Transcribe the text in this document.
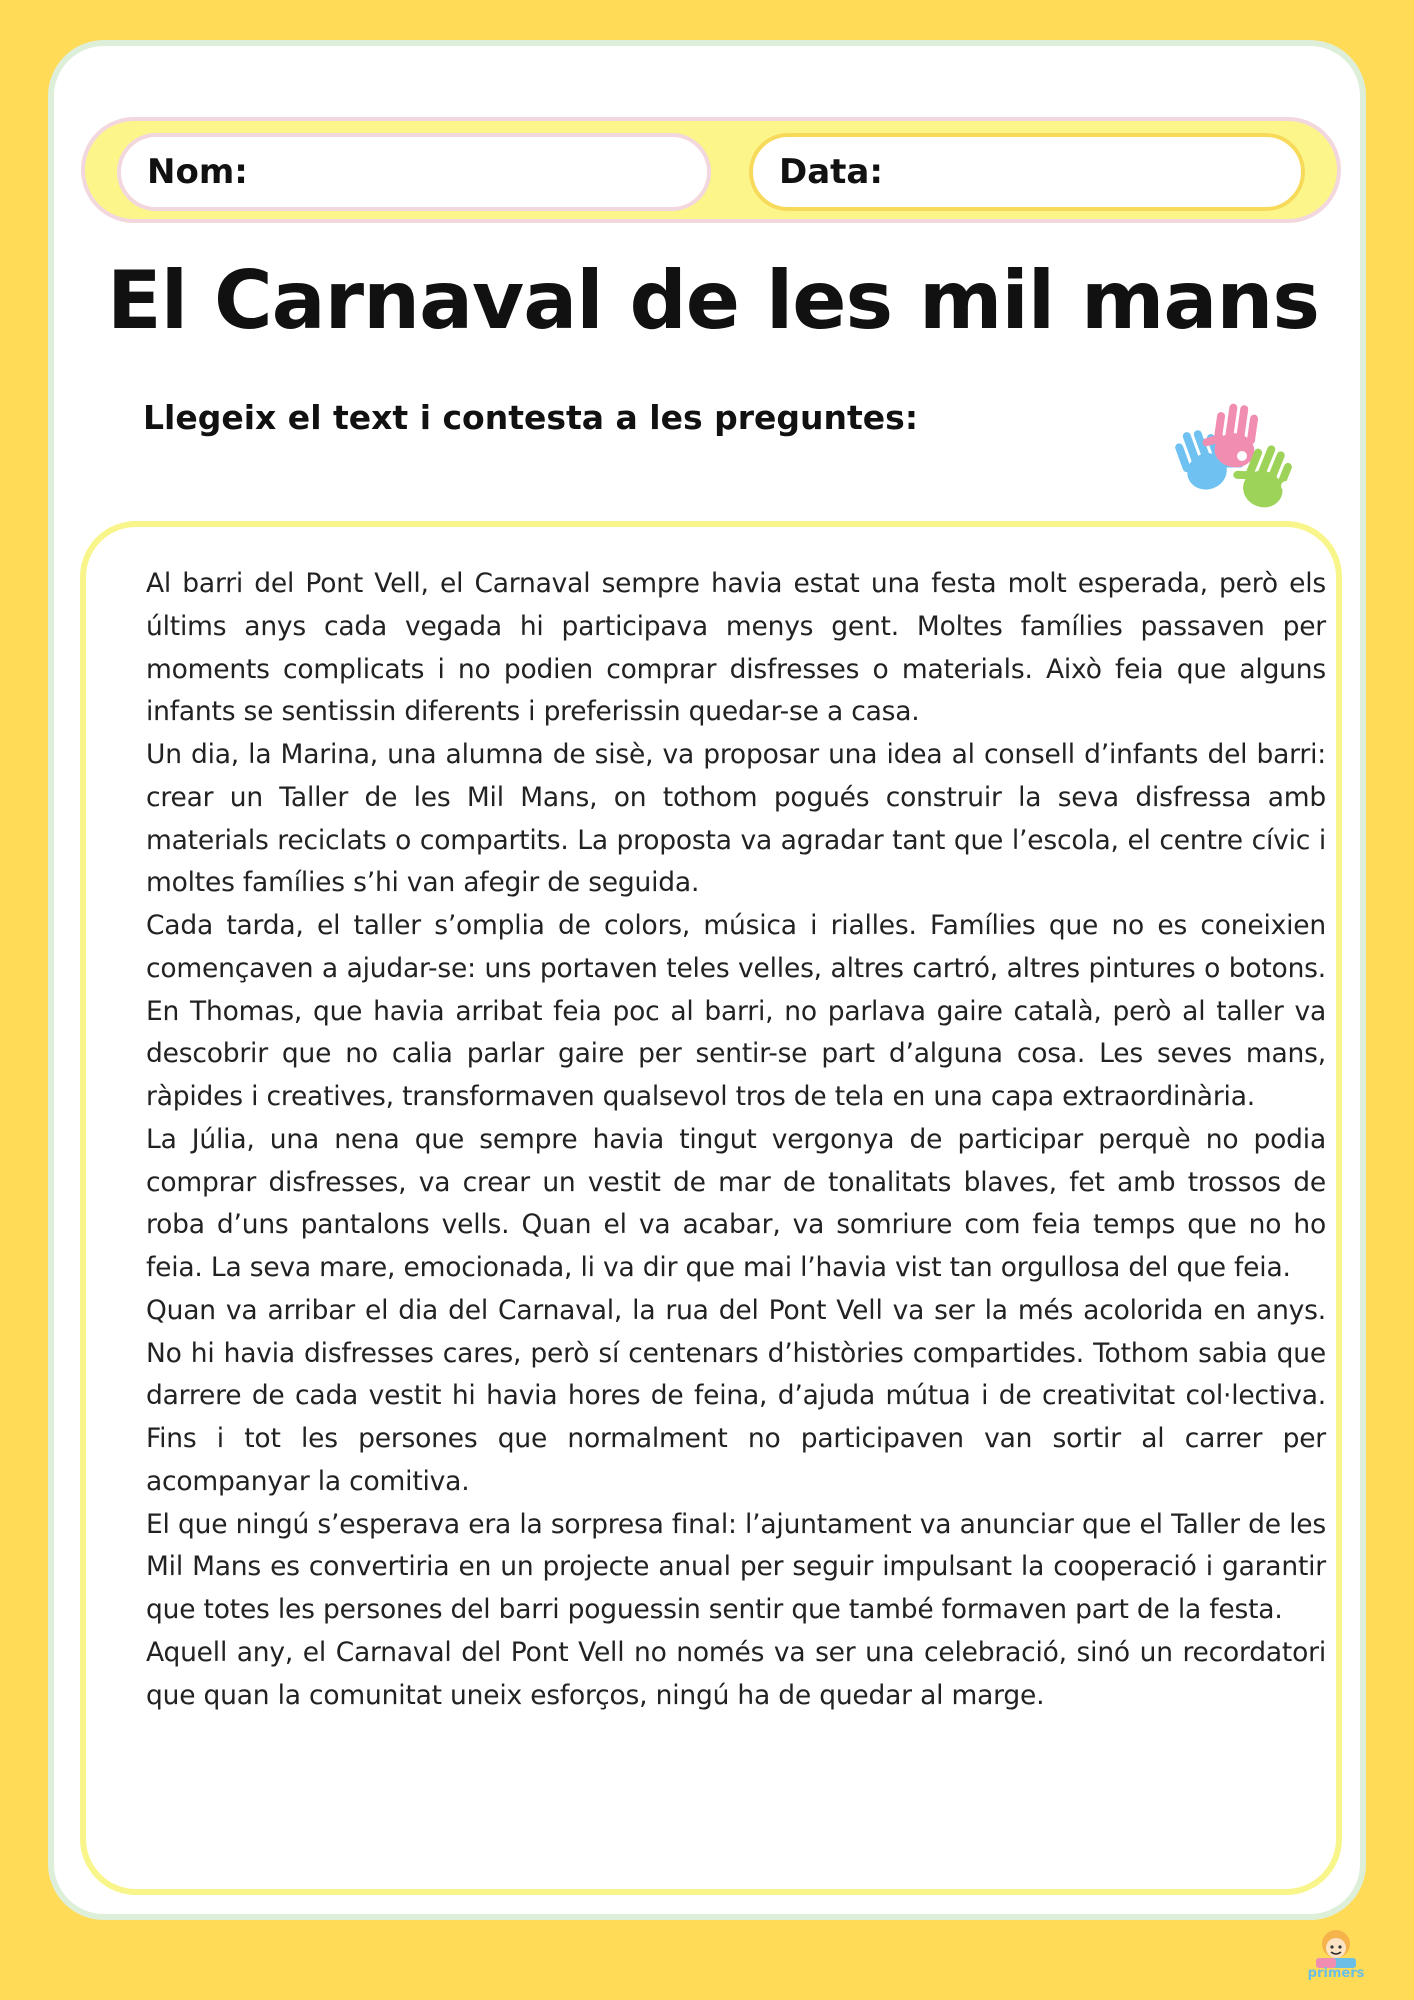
Nom:	Data:
El Carnaval de les mil mans

Llegeix el text i contesta a les preguntes:

Al barri del Pont Vell, el Carnaval sempre havia estat una festa molt esperada, però els últims anys cada vegada hi participava menys gent. Moltes famílies passaven per moments complicats i no podien comprar disfresses o materials. Això feia que alguns infants se sentissin diferents i preferissin quedar-se a casa.

Un dia, la Marina, una alumna de sisè, va proposar una idea al consell d’infants del barri: crear un Taller de les Mil Mans, on tothom pogués construir la seva disfressa amb materials reciclats o compartits. La proposta va agradar tant que l’escola, el centre cívic i moltes famílies s’hi van afegir de seguida.

Cada tarda, el taller s’omplia de colors, música i rialles. Famílies que no es coneixien començaven a ajudar-se: uns portaven teles velles, altres cartró, altres pintures o botons. En Thomas, que havia arribat feia poc al barri, no parlava gaire català, però al taller va descobrir que no calia parlar gaire per sentir-se part d’alguna cosa. Les seves mans, ràpides i creatives, transformaven qualsevol tros de tela en una capa extraordinària.

La Júlia, una nena que sempre havia tingut vergonya de participar perquè no podia comprar disfresses, va crear un vestit de mar de tonalitats blaves, fet amb trossos de roba d’uns pantalons vells. Quan el va acabar, va somriure com feia temps que no ho feia. La seva mare, emocionada, li va dir que mai l’havia vist tan orgullosa del que feia.

Quan va arribar el dia del Carnaval, la rua del Pont Vell va ser la més acolorida en anys. No hi havia disfresses cares, però sí centenars d’històries compartides. Tothom sabia que darrere de cada vestit hi havia hores de feina, d’ajuda mútua i de creativitat col·lectiva. Fins i tot les persones que normalment no participaven van sortir al carrer per acompanyar la comitiva.

El que ningú s’esperava era la sorpresa final: l’ajuntament va anunciar que el Taller de les Mil Mans es convertiria en un projecte anual per seguir impulsant la cooperació i garantir que totes les persones del barri poguessin sentir que també formaven part de la festa.

Aquell any, el Carnaval del Pont Vell no només va ser una celebració, sinó un recordatori que quan la comunitat uneix esforços, ningú ha de quedar al marge.

primers
